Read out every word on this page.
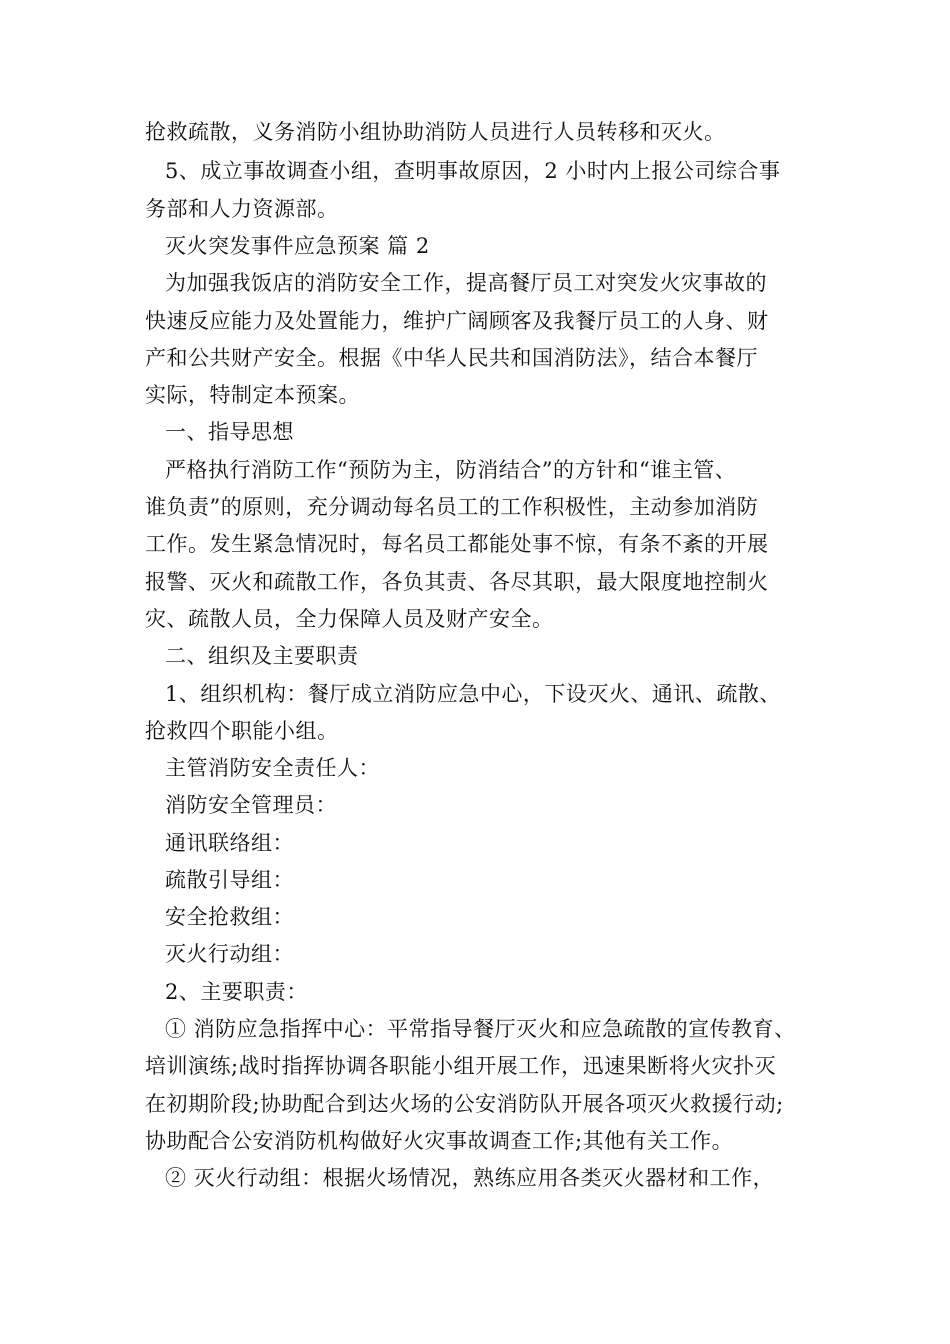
抢救疏散，义务消防小组协助消防人员进行人员转移和灭火。
5、成立事故调查小组，查明事故原因，2 小时内上报公司综合事
务部和人力资源部。
灭火突发事件应急预案 篇 2
为加强我饭店的消防安全工作，提高餐厅员工对突发火灾事故的
快速反应能力及处置能力，维护广阔顾客及我餐厅员工的人身、财
产和公共财产安全。根据《中华人民共和国消防法》，结合本餐厅
实际，特制定本预案。
一、指导思想
严格执行消防工作“预防为主，防消结合”的方针和“谁主管、
谁负责”的原则，充分调动每名员工的工作积极性，主动参加消防
工作。发生紧急情况时，每名员工都能处事不惊，有条不紊的开展
报警、灭火和疏散工作，各负其责、各尽其职，最大限度地控制火
灾、疏散人员，全力保障人员及财产安全。
二、组织及主要职责
1、组织机构：餐厅成立消防应急中心，下设灭火、通讯、疏散、
抢救四个职能小组。
主管消防安全责任人：
消防安全管理员：
通讯联络组：
疏散引导组：
安全抢救组：
灭火行动组：
2、主要职责：
① 消防应急指挥中心：平常指导餐厅灭火和应急疏散的宣传教育、
培训演练;战时指挥协调各职能小组开展工作，迅速果断将火灾扑灭
在初期阶段;协助配合到达火场的公安消防队开展各项灭火救援行动;
协助配合公安消防机构做好火灾事故调查工作;其他有关工作。
② 灭火行动组：根据火场情况，熟练应用各类灭火器材和工作，
